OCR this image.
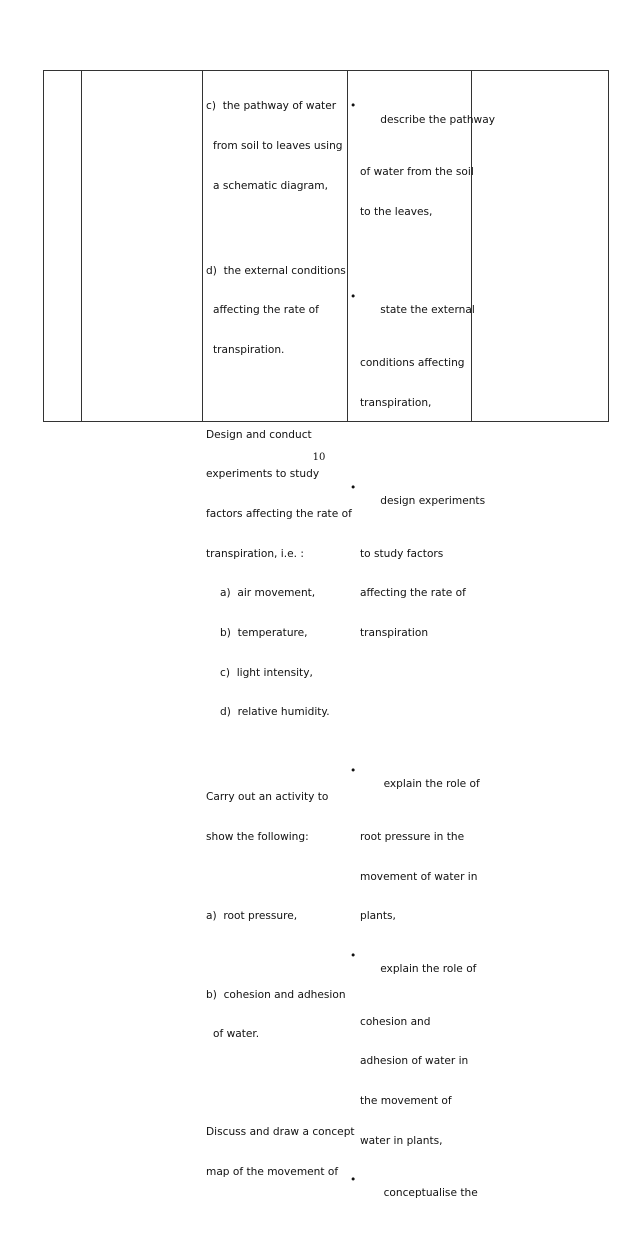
c)  the pathway of water

from soil to leaves using

a schematic diagram,

d)  the external conditions

affecting the rate of

transpiration.

Design and conduct

experiments to study

factors affecting the rate of

transpiration, i.e. :

a)  air movement,

b)  temperature,

c)  light intensity,

d)  relative humidity.

Carry out an activity to

show the following:

a)  root pressure,

b)  cohesion and adhesion

of water.

Discuss and draw a concept

map of the movement of

•
describe the pathway

of water from the soil

to the leaves,

•
state the external

conditions affecting

transpiration,

•
design experiments

to study factors

affecting the rate of

transpiration

•
explain the role of

root pressure in the

movement of water in

plants,

•
explain the role of

cohesion and

adhesion of water in

the movement of

water in plants,

•
conceptualise the

10
